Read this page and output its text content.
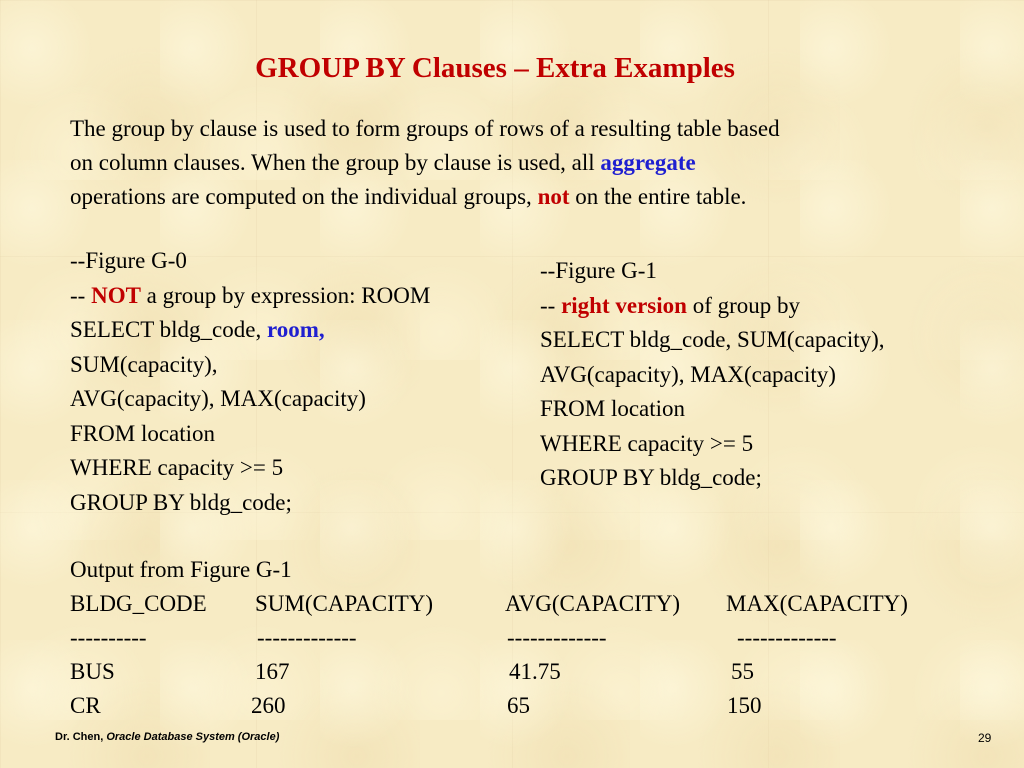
GROUP BY Clauses – Extra Examples
The group by clause is used to form groups of rows of a resulting table based
on column clauses. When the group by clause is used, all aggregate
operations are computed on the individual groups, not on the entire table.
--Figure G-0
-- NOT a group by expression: ROOM
SELECT bldg_code, room,
SUM(capacity),
AVG(capacity), MAX(capacity)
FROM location
WHERE capacity >= 5
GROUP BY bldg_code;
--Figure G-1
-- right version of group by
SELECT bldg_code, SUM(capacity),
AVG(capacity), MAX(capacity)
FROM location
WHERE capacity >= 5
GROUP BY bldg_code;
Output from Figure G-1
BLDG_CODE SUM(CAPACITY)	AVG(CAPACITY) MAX(CAPACITY)
----------	-------------	-------------	-------------
BUS	167	41.75	55
CR	260	65	150
Dr. Chen, Oracle Database System (Oracle)	29
